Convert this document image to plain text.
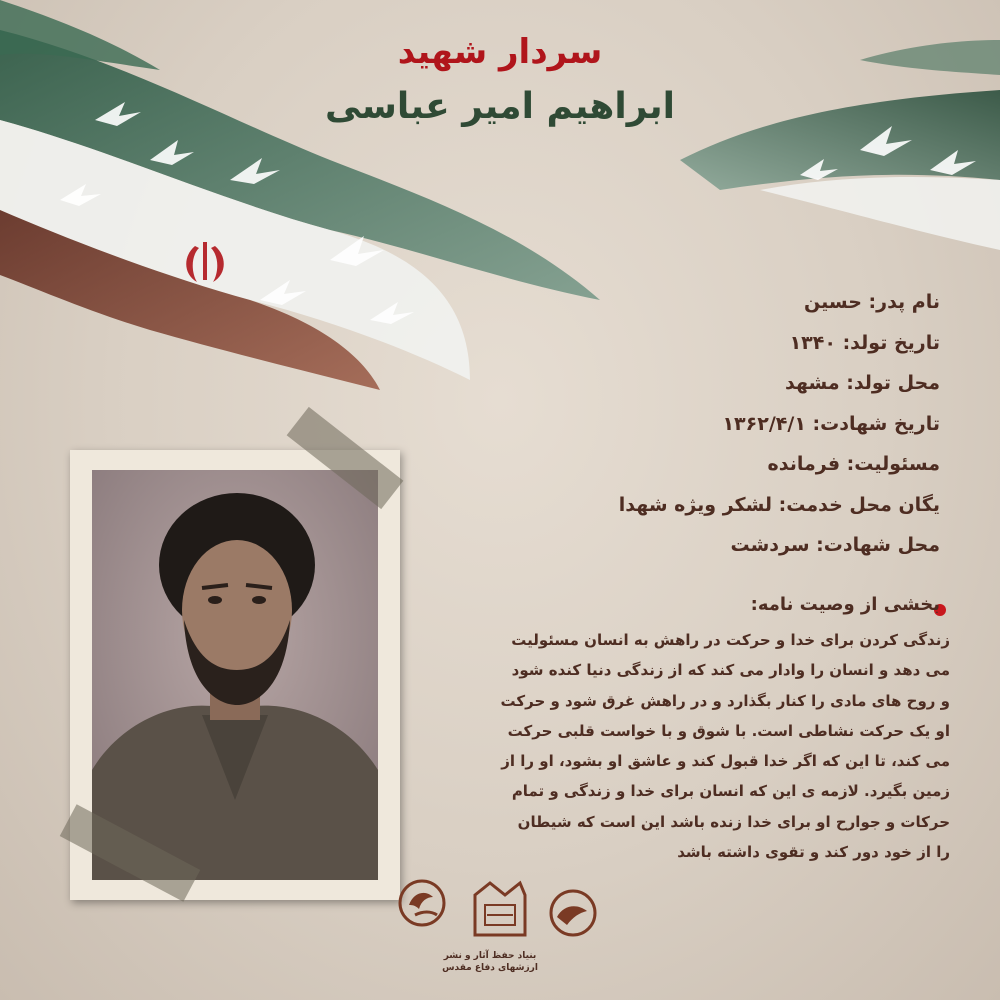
سردار شهید
ابراهیم امیر عباسی
نام پدر: حسین
تاریخ تولد: ۱۳۴۰
محل تولد: مشهد
تاریخ شهادت: ۱۳۶۲/۴/۱
مسئولیت: فرمانده
یگان محل خدمت: لشکر ویژه شهدا
محل شهادت: سردشت
بخشی از وصیت نامه:
زندگی کردن برای خدا و حرکت در راهش به انسان مسئولیت
می دهد و انسان را وادار می کند که از زندگی دنیا کنده شود
و روح های مادی را کنار بگذارد و در راهش غرق شود و حرکت
او یک حرکت نشاطی است. با شوق و با خواست قلبی حرکت
می کند، تا این که اگر خدا قبول کند و عاشق او بشود، او را از
زمین بگیرد. لازمه ی این که انسان برای خدا و زندگی و تمام
حرکات و جوارح او برای خدا زنده باشد این است که شیطان
را از خود دور کند و تقوی داشته باشد
بنیاد حفظ آثار و نشر
ارزشهای دفاع مقدس
